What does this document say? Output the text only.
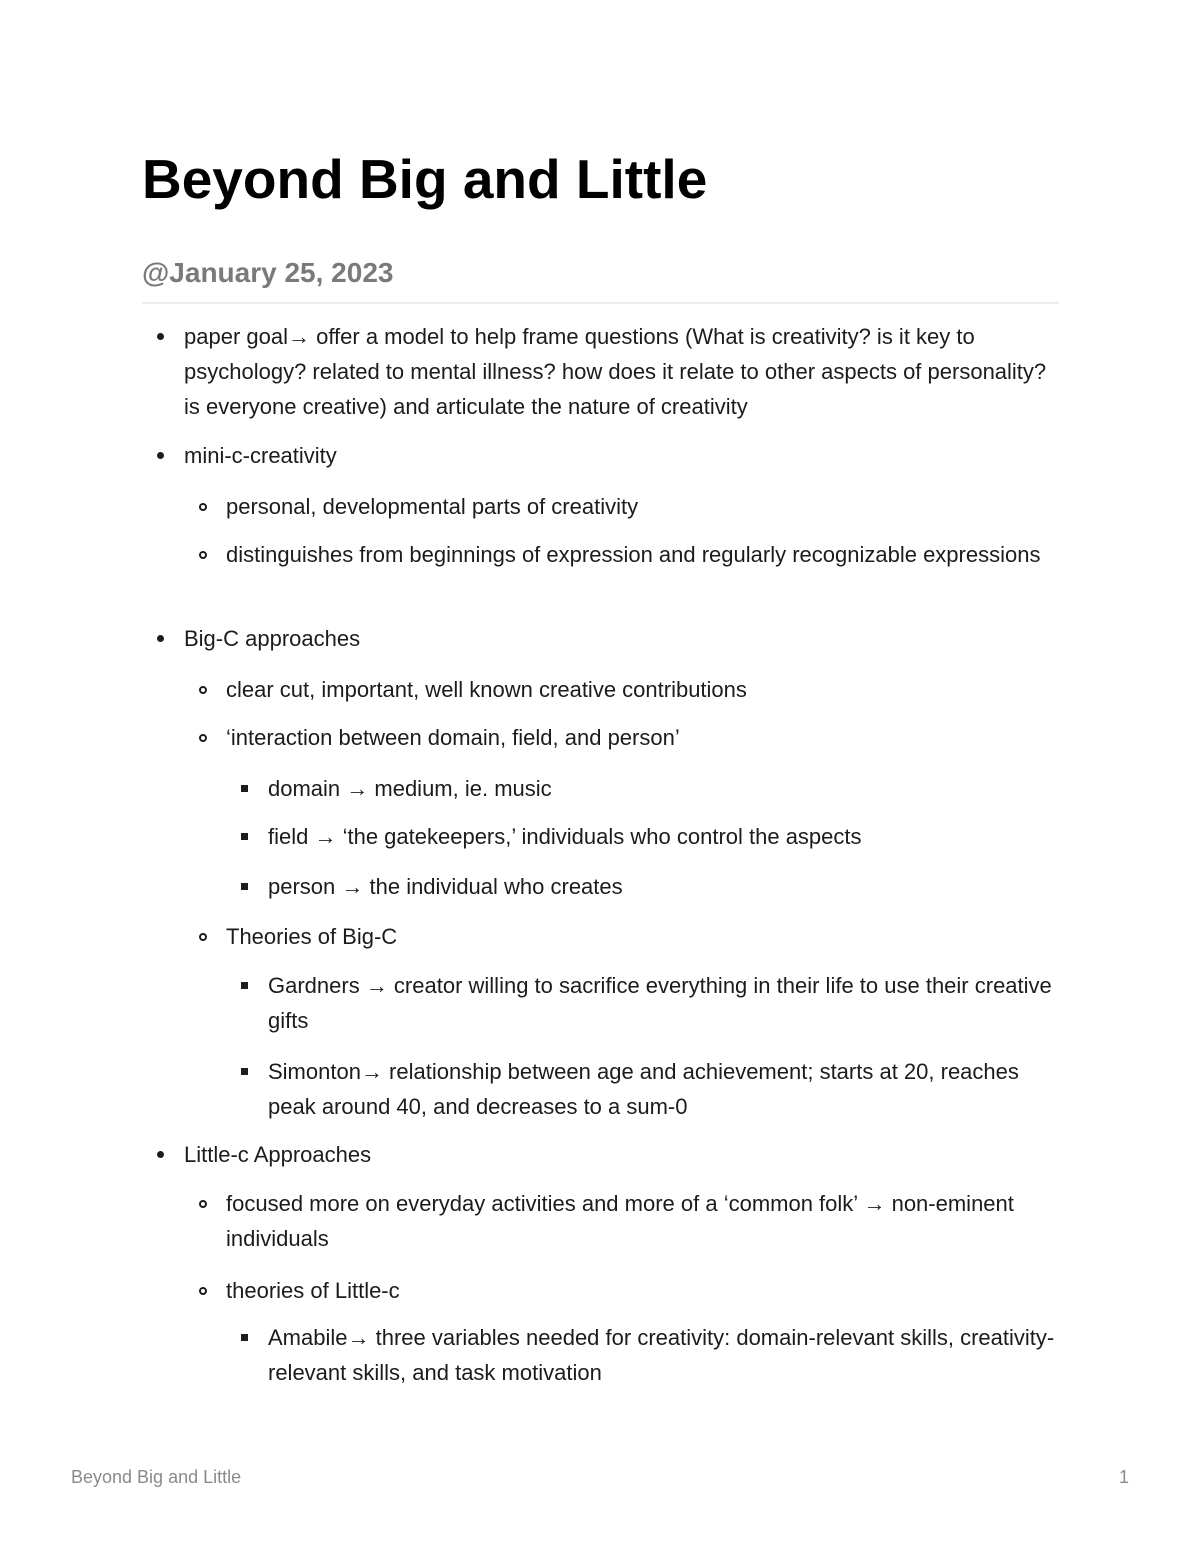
Beyond Big and Little
@January 25, 2023
paper goal→ offer a model to help frame questions (What is creativity? is it key to psychology? related to mental illness? how does it relate to other aspects of personality? is everyone creative) and articulate the nature of creativity
mini-c-creativity
personal, developmental parts of creativity
distinguishes from beginnings of expression and regularly recognizable expressions
Big-C approaches
clear cut, important, well known creative contributions
‘interaction between domain, field, and person’
domain → medium, ie. music
field → ‘the gatekeepers,’ individuals who control the aspects
person → the individual who creates
Theories of Big-C
Gardners → creator willing to sacrifice everything in their life to use their creative gifts
Simonton→ relationship between age and achievement; starts at 20, reaches peak around 40, and decreases to a sum-0
Little-c Approaches
focused more on everyday activities and more of a ‘common folk’ → non-eminent individuals
theories of Little-c
Amabile→ three variables needed for creativity: domain-relevant skills, creativity-relevant skills, and task motivation
Beyond Big and Little	1
